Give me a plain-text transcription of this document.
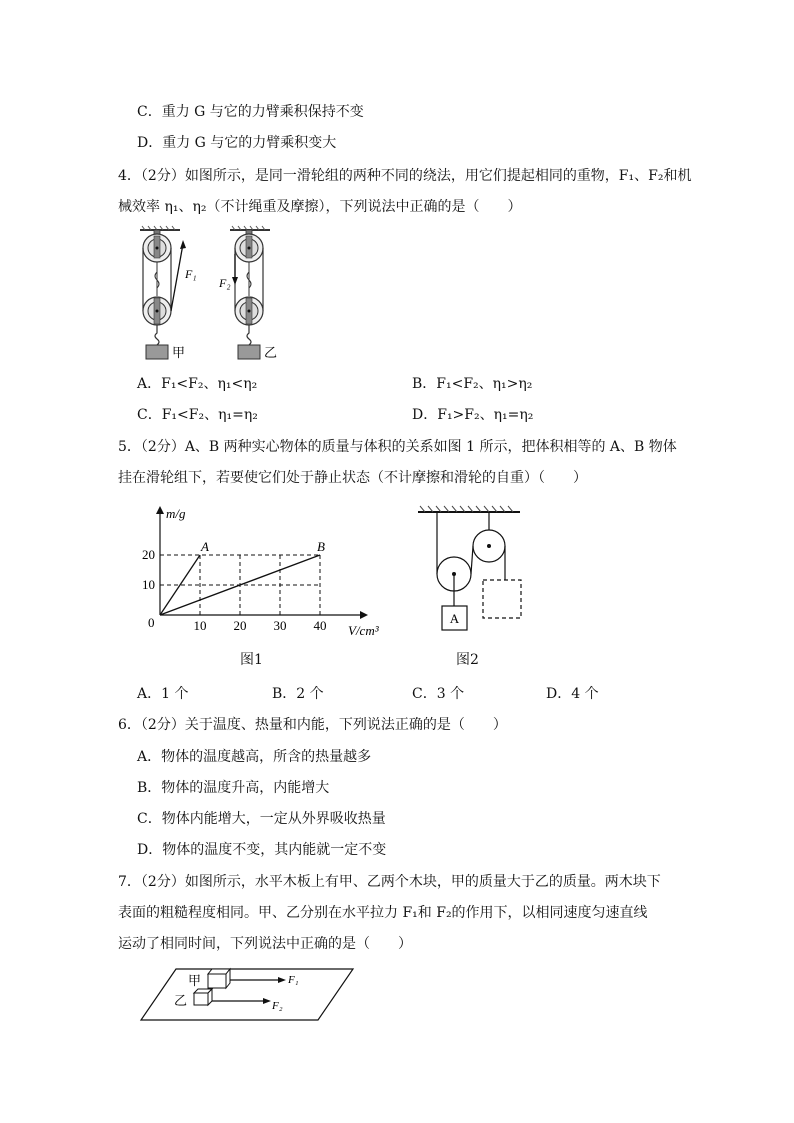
C．重力 G 与它的力臂乘积保持不变
D．重力 G 与它的力臂乘积变大
4．（2分）如图所示，是同一滑轮组的两种不同的绕法，用它们提起相同的重物，F₁、F₂和机
械效率 η₁、η₂（不计绳重及摩擦），下列说法中正确的是（　　）
F₁
F₂
甲	乙
A．F₁<F₂、η₁<η₂	B．F₁<F₂、η₁>η₂
C．F₁<F₂、η₁=η₂	D．F₁>F₂、η₁=η₂
5．（2分）A、B 两种实心物体的质量与体积的关系如图 1 所示，把体积相等的 A、B 物体
挂在滑轮组下，若要使它们处于静止状态（不计摩擦和滑轮的自重）（　　）
10 20 30 40
10
20
m/g
V/cm³
0
A	B
图1
A
图2
A．1 个	B．2 个	C．3 个	D．4 个
6．（2分）关于温度、热量和内能，下列说法正确的是（　　）
A．物体的温度越高，所含的热量越多
B．物体的温度升高，内能增大
C．物体内能增大，一定从外界吸收热量
D．物体的温度不变，其内能就一定不变
7．（2分）如图所示，水平木板上有甲、乙两个木块，甲的质量大于乙的质量。两木块下
表面的粗糙程度相同。甲、乙分别在水平拉力 F₁和 F₂的作用下，以相同速度匀速直线
运动了相同时间，下列说法中正确的是（　　）
甲
乙
F₁
F₂
